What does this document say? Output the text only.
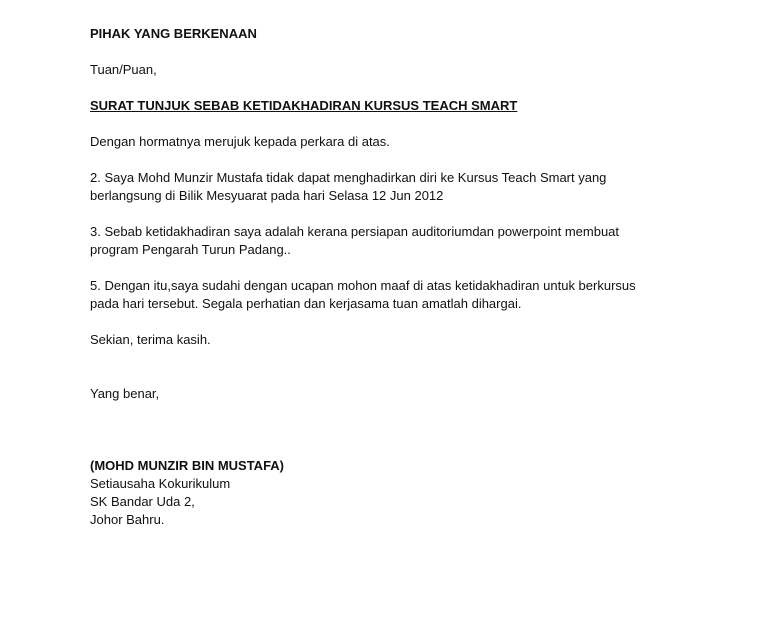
PIHAK YANG BERKENAAN

Tuan/Puan,

SURAT TUNJUK SEBAB KETIDAKHADIRAN KURSUS TEACH SMART

Dengan hormatnya merujuk kepada perkara di atas.

2. Saya Mohd Munzir Mustafa tidak dapat menghadirkan diri ke Kursus Teach Smart yang

berlangsung di Bilik Mesyuarat pada hari Selasa 12 Jun 2012

3. Sebab ketidakhadiran saya adalah kerana persiapan auditoriumdan powerpoint membuat

program Pengarah Turun Padang..

5. Dengan itu,saya sudahi dengan ucapan mohon maaf di atas ketidakhadiran untuk berkursus

pada hari tersebut. Segala perhatian dan kerjasama tuan amatlah dihargai.

Sekian, terima kasih.

Yang benar,

(MOHD MUNZIR BIN MUSTAFA)

Setiausaha Kokurikulum

SK Bandar Uda 2,

Johor Bahru.
